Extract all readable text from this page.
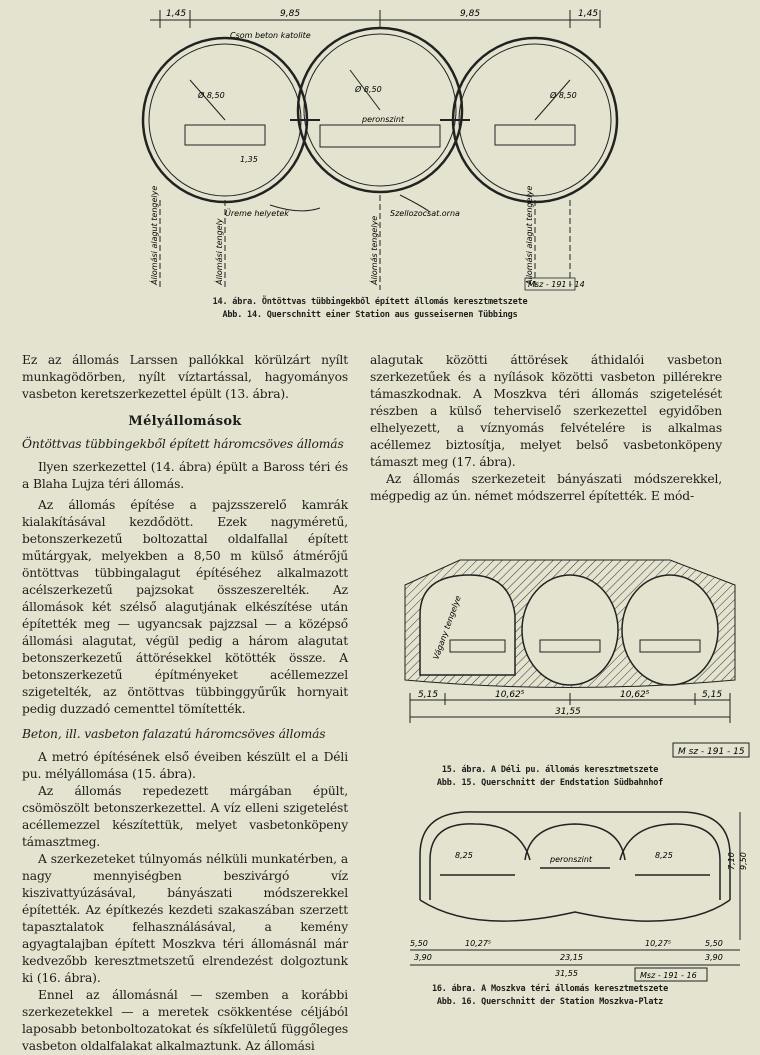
1,45	9,85	9,85	1,45
Csom beton katolite
Ø 8,50
Ø 8,50
Ø 8,50
peronszint
1,35
Üreme helyetek	Szellozocsat.orna
Állomási alagut tengelye	Állomási tengely	Állomás tengelye	Állomási alagut tengelye
Msz - 191 - 14
14. ábra. Öntöttvas tübbingekből épített állomás keresztmetszete
Abb. 14. Querschnitt einer Station aus gusseisernen Tübbings

Ez az állomás Larssen pallókkal körülzárt nyílt munkagödörben, nyílt víztartással, hagyományos vasbeton keretszerkezettel épült (13. ábra).

Mélyállomások

Öntöttvas tübbingekből épített háromcsöves állomás

Ilyen szerkezettel (14. ábra) épült a Baross téri és a Blaha Lujza téri állomás.

Az állomás építése a pajzsszerelő kamrák kialakításával kezdődött. Ezek nagyméretű, betonszerkezetű boltozattal oldalfallal épített műtárgyak, melyekben a 8,50 m külső átmérőjű öntöttvas tübbingalagut építéséhez alkalmazott acélszerkezetű pajzsokat összeszerelték. Az állomások két szélső alagutjának elkészítése után építették meg — ugyancsak pajzzsal — a középső állomási alagutat, végül pedig a három alagutat betonszerkezetű áttörésekkel kötötték össze. A betonszerkezetű építményeket acéllemezzel szigetelték, az öntöttvas tübbinggyűrűk hornyait pedig duzzadó cementtel tömítették.

Beton, ill. vasbeton falazatú háromcsöves állomás

A metró építésének első éveiben készült el a Déli pu. mélyállomása (15. ábra).

Az állomás repedezett márgában épült, csömöszölt betonszerkezettel. A víz elleni szigetelést acéllemezzel készítettük, melyet vasbetonköpeny támasztmeg.

A szerkezeteket túlnyomás nélküli munkatérben, a nagy mennyiségben beszivárgó víz kiszivattyúzásával, bányászati módszerekkel építették. Az építkezés kezdeti szakaszában szerzett tapasztalatok felhasználásával, a kemény agyagtalajban épített Moszkva téri állomásnál már kedvezőbb keresztmetszetű elrendezést dolgoztunk ki (16. ábra).

Ennel az állomásnál — szemben a korábbi szerkezetekkel — a meretek csökkentése céljából laposabb betonboltozatokat és síkfelületű függőleges vasbeton oldalfalakat alkalmaztunk. Az állomási

alagutak közötti áttörések áthidalói vasbeton szerkezetűek és a nyílások közötti vasbeton pillérekre támaszkodnak. A Moszkva téri állomás szigetelését részben a külső teherviselő szerkezettel egyidőben elhelyezett, a víznyomás felvételére is alkalmas acéllemez biztosítja, melyet belső vasbetonköpeny támaszt meg (17. ábra).

Az állomás szerkezeteit bányászati módszerekkel, mégpedig az ún. német módszerrel építették. E mód-

5,15	10,62⁵	10,62⁵	5,15
31,55
Vágany tengelye
M sz - 191 - 15
15. ábra. A Déli pu. állomás keresztmetszete
Abb. 15. Querschnitt der Endstation Südbahnhof
8,25	8,25
peronszint
10,27⁵
23,15
10,27⁵
5,50
3,90
5,50
3,90
31,55
9,50
7,10
Msz - 191 - 16
16. ábra. A Moszkva téri állomás keresztmetszete
Abb. 16. Querschnitt der Station Moszkva-Platz
